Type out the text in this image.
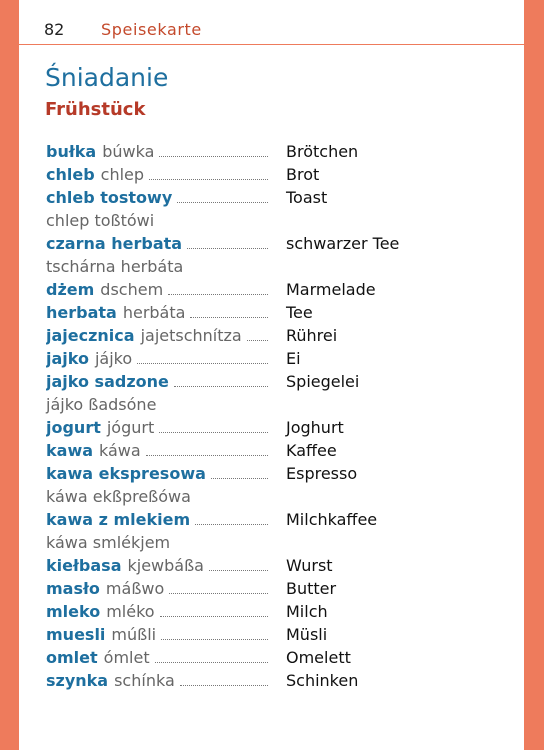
82 Speisekarte
Śniadanie
Frühstück
bułka búwka	Brötchen
chleb chlep	Brot
chleb tostowy	Toast
chlep toßtówi
czarna herbata	schwarzer Tee
tschárna herbáta
dżem dschem	Marmelade
herbata herbáta	Tee
jajecznica jajetschnítza	Rührei
jajko jájko	Ei
jajko sadzone	Spiegelei
jájko ßadsóne
jogurt jógurt	Joghurt
kawa káwa	Kaffee
kawa ekspresowa	Espresso
káwa ekßpreßówa
kawa z mlekiem	Milchkaffee
káwa smlékjem
kiełbasa kjewbáßa	Wurst
masło máßwo	Butter
mleko mléko	Milch
muesli múßli	Müsli
omlet ómlet	Omelett
szynka schínka	Schinken
